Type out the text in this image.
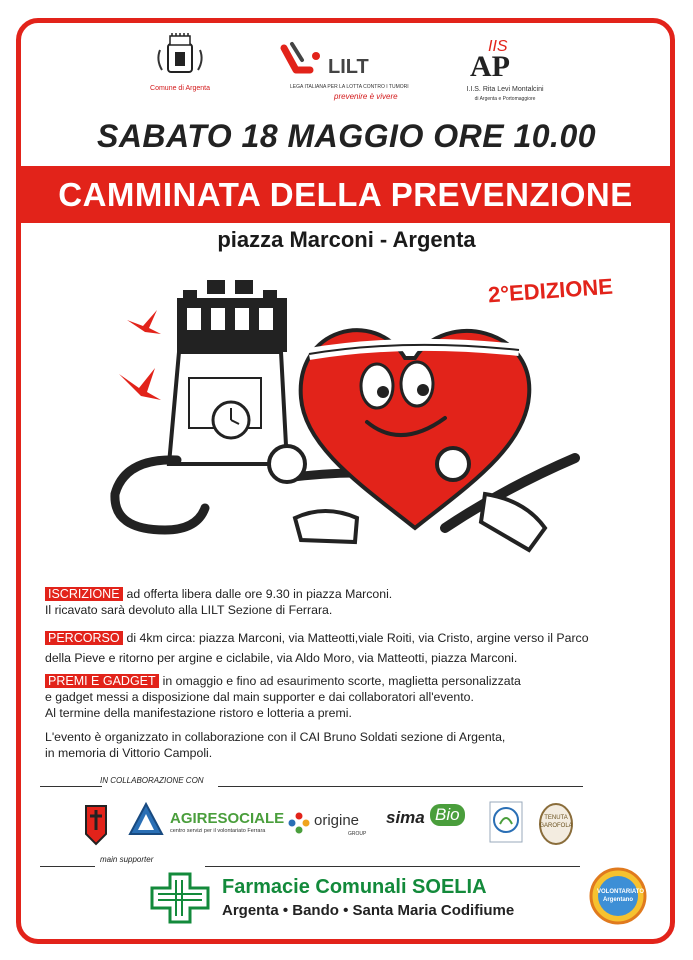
Comune di Argenta
LILT
LEGA ITALIANA PER LA LOTTA CONTRO I TUMORI
prevenire è vivere
IIS
AP
I.I.S. Rita Levi Montalcini
di Argenta e Portomaggiore
SABATO 18 MAGGIO ORE 10.00
CAMMINATA DELLA PREVENZIONE
piazza Marconi - Argenta
2°EDIZIONE
ISCRIZIONE ad offerta libera dalle ore 9.30 in piazza Marconi.
Il ricavato sarà devoluto alla LILT Sezione di Ferrara.
PERCORSO di 4km circa: piazza Marconi, via Matteotti,viale Roiti, via Cristo, argine verso il Parco
della Pieve e ritorno per argine e ciclabile, via Aldo Moro, via Matteotti, piazza Marconi.
PREMI E GADGET in omaggio e fino ad esaurimento scorte, maglietta personalizzata
e gadget messi a disposizione dal main supporter e dai collaboratori all'evento.
Al termine della manifestazione ristoro e lotteria a premi.
L'evento è organizzato in collaborazione con il CAI Bruno Soldati sezione di Argenta,
in memoria di Vittorio Campoli.
IN COLLABORAZIONE CON
AGIRESOCIALE
centro servizi per il volontariato Ferrara
origine
GROUP
sima Bio	TENUTA GAROFOLA
main supporter
Farmacie Comunali SOELIA
Argenta • Bando • Santa Maria Codifiume
VOLONTARIATO Argentano
